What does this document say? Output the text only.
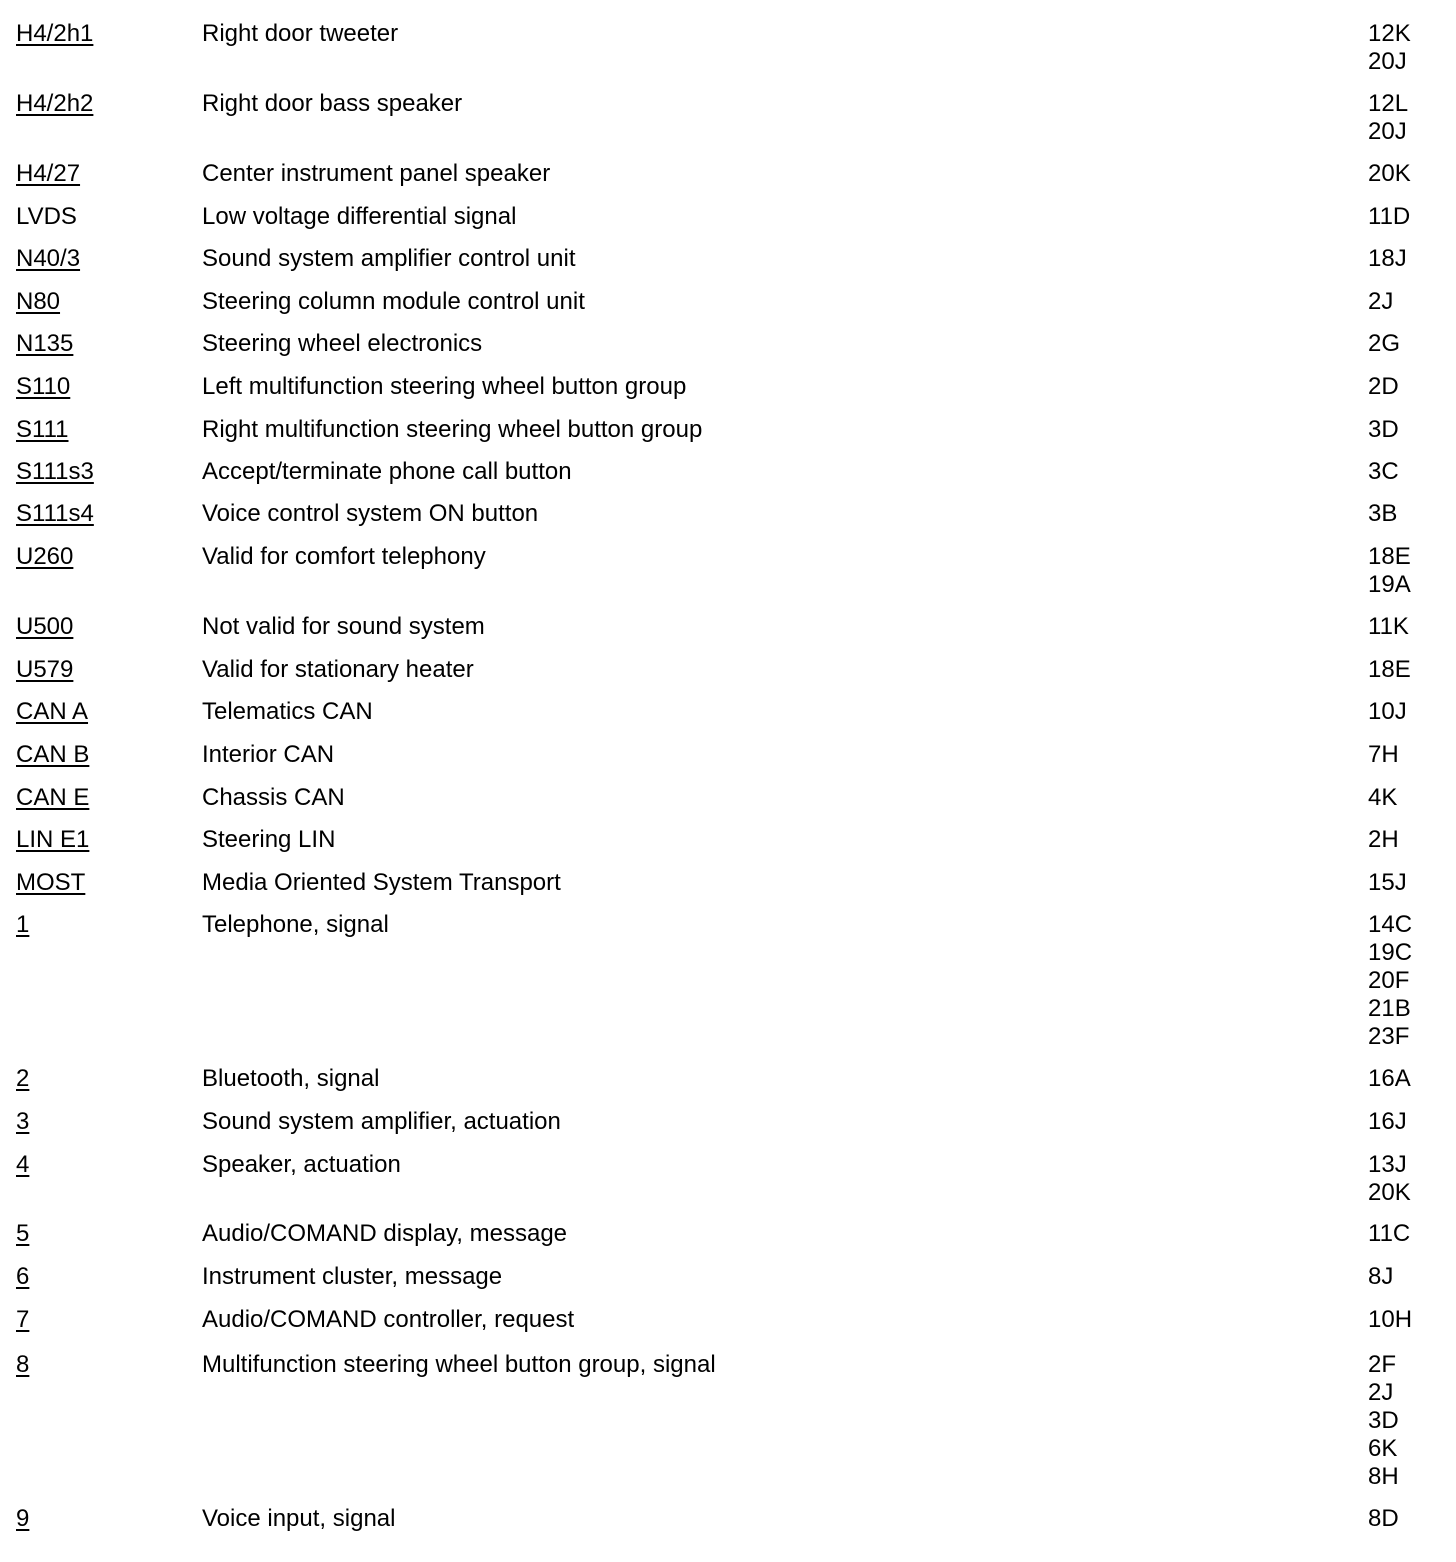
H4/2h1	Right door tweeter	12K
20J
H4/2h2	Right door bass speaker	12L
20J
H4/27	Center instrument panel speaker	20K
LVDS	Low voltage differential signal	11D
N40/3	Sound system amplifier control unit	18J
N80	Steering column module control unit	2J
N135	Steering wheel electronics	2G
S110	Left multifunction steering wheel button group	2D
S111	Right multifunction steering wheel button group	3D
S111s3	Accept/terminate phone call button	3C
S111s4	Voice control system ON button	3B
U260	Valid for comfort telephony	18E
19A
U500	Not valid for sound system	11K
U579	Valid for stationary heater	18E
CAN A	Telematics CAN	10J
CAN B	Interior CAN	7H
CAN E	Chassis CAN	4K
LIN E1	Steering LIN	2H
MOST	Media Oriented System Transport	15J
1	Telephone, signal	14C
19C
20F
21B
23F
2	Bluetooth, signal	16A
3	Sound system amplifier, actuation	16J
4	Speaker, actuation	13J
20K
5	Audio/COMAND display, message	11C
6	Instrument cluster, message	8J
7	Audio/COMAND controller, request	10H
8	Multifunction steering wheel button group, signal	2F
2J
3D
6K
8H
9	Voice input, signal	8D
